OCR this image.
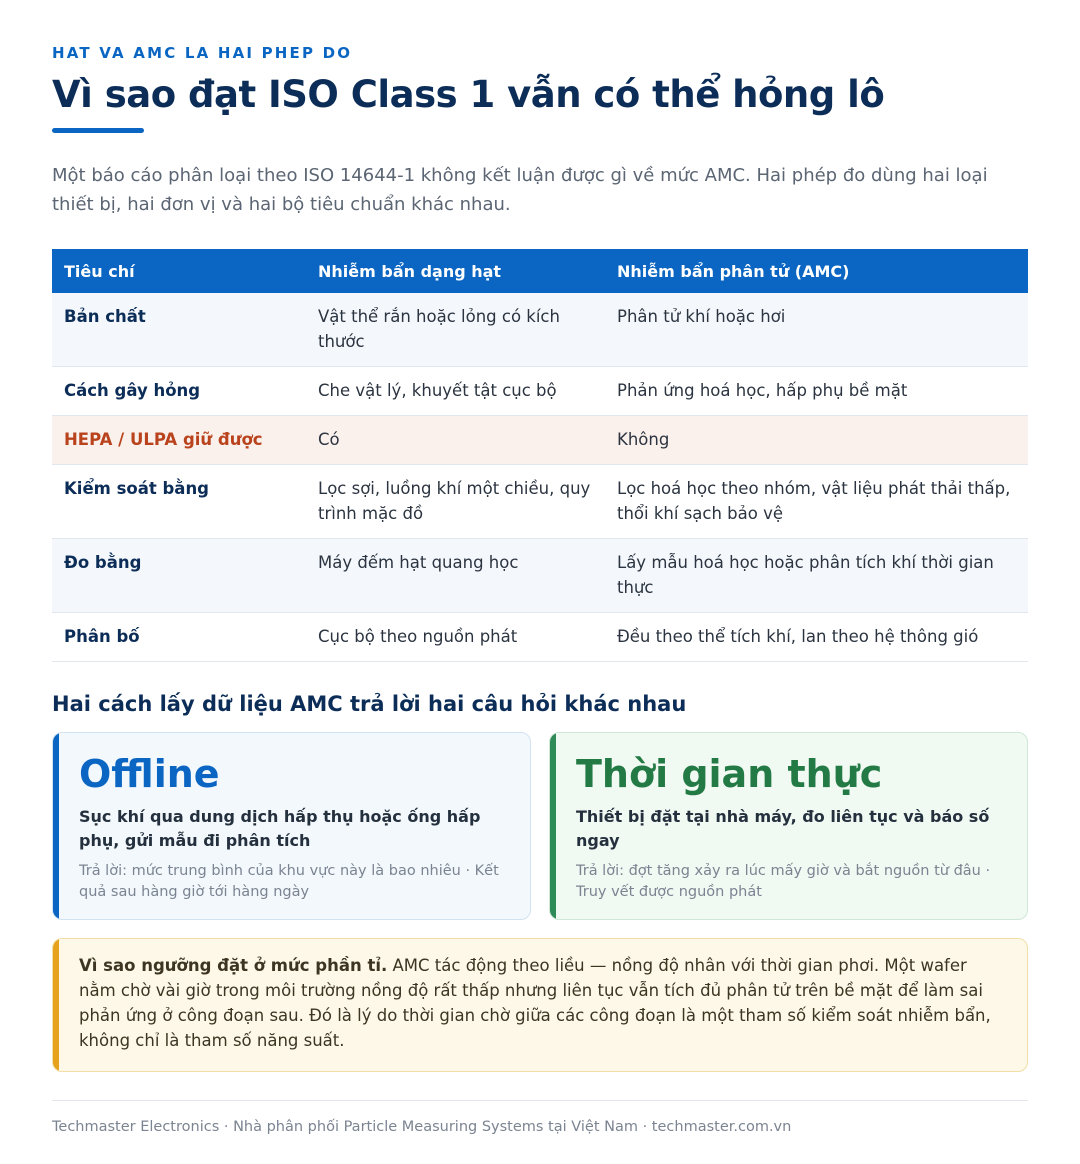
HAT VA AMC LA HAI PHEP DO
Vì sao đạt ISO Class 1 vẫn có thể hỏng lô

Một báo cáo phân loại theo ISO 14644-1 không kết luận được gì về mức AMC. Hai phép đo dùng hai loại thiết bị, hai đơn vị và hai bộ tiêu chuẩn khác nhau.

Tiêu chí	Nhiễm bẩn dạng hạt	Nhiễm bẩn phân tử (AMC)
Bản chất	Vật thể rắn hoặc lỏng có kích thước	Phân tử khí hoặc hơi
Cách gây hỏng	Che vật lý, khuyết tật cục bộ	Phản ứng hoá học, hấp phụ bề mặt
HEPA / ULPA giữ được	Có	Không
Kiểm soát bằng	Lọc sợi, luồng khí một chiều, quy trình mặc đồ	Lọc hoá học theo nhóm, vật liệu phát thải thấp, thổi khí sạch bảo vệ
Đo bằng	Máy đếm hạt quang học	Lấy mẫu hoá học hoặc phân tích khí thời gian thực
Phân bố	Cục bộ theo nguồn phát	Đều theo thể tích khí, lan theo hệ thông gió
Hai cách lấy dữ liệu AMC trả lời hai câu hỏi khác nhau
Offline
Sục khí qua dung dịch hấp thụ hoặc ống hấp phụ, gửi mẫu đi phân tích
Trả lời: mức trung bình của khu vực này là bao nhiêu · Kết quả sau hàng giờ tới hàng ngày
Thời gian thực
Thiết bị đặt tại nhà máy, đo liên tục và báo số ngay
Trả lời: đợt tăng xảy ra lúc mấy giờ và bắt nguồn từ đâu · Truy vết được nguồn phát

Vì sao ngưỡng đặt ở mức phần tỉ. AMC tác động theo liều — nồng độ nhân với thời gian phơi. Một wafer nằm chờ vài giờ trong môi trường nồng độ rất thấp nhưng liên tục vẫn tích đủ phân tử trên bề mặt để làm sai phản ứng ở công đoạn sau. Đó là lý do thời gian chờ giữa các công đoạn là một tham số kiểm soát nhiễm bẩn, không chỉ là tham số năng suất.

Techmaster Electronics · Nhà phân phối Particle Measuring Systems tại Việt Nam · techmaster.com.vn
